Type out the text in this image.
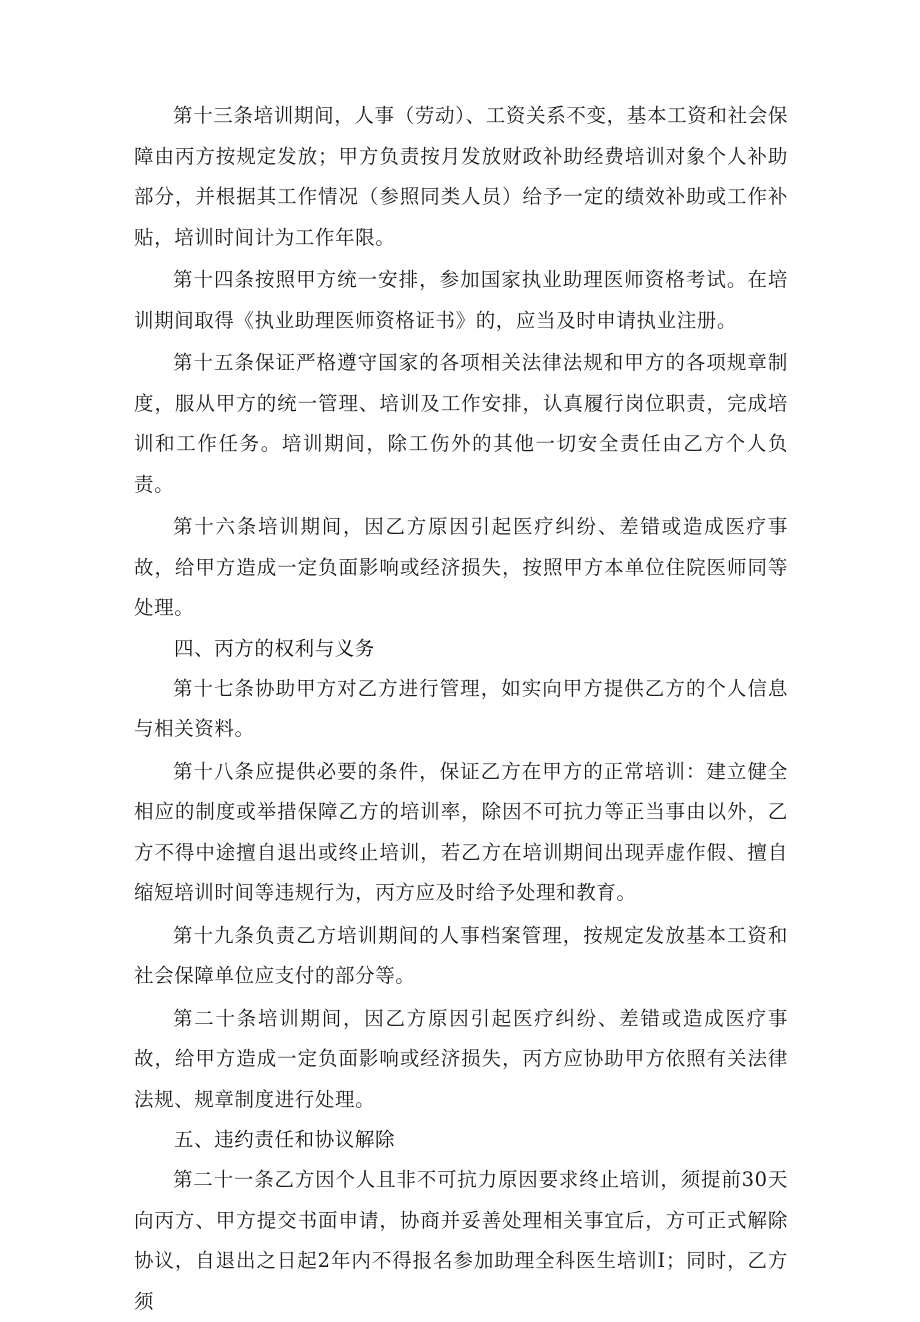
第十三条培训期间，人事（劳动）、工资关系不变，基本工资和社会保障由丙方按规定发放；甲方负责按月发放财政补助经费培训对象个人补助部分，并根据其工作情况（参照同类人员）给予一定的绩效补助或工作补贴，培训时间计为工作年限。

第十四条按照甲方统一安排，参加国家执业助理医师资格考试。在培训期间取得《执业助理医师资格证书》的，应当及时申请执业注册。

第十五条保证严格遵守国家的各项相关法律法规和甲方的各项规章制度，服从甲方的统一管理、培训及工作安排，认真履行岗位职责，完成培训和工作任务。培训期间，除工伤外的其他一切安全责任由乙方个人负责。

第十六条培训期间，因乙方原因引起医疗纠纷、差错或造成医疗事故，给甲方造成一定负面影响或经济损失，按照甲方本单位住院医师同等处理。

四、丙方的权利与义务

第十七条协助甲方对乙方进行管理，如实向甲方提供乙方的个人信息与相关资料。

第十八条应提供必要的条件，保证乙方在甲方的正常培训：建立健全相应的制度或举措保障乙方的培训率，除因不可抗力等正当事由以外，乙方不得中途擅自退出或终止培训，若乙方在培训期间出现弄虚作假、擅自缩短培训时间等违规行为，丙方应及时给予处理和教育。

第十九条负责乙方培训期间的人事档案管理，按规定发放基本工资和社会保障单位应支付的部分等。

第二十条培训期间，因乙方原因引起医疗纠纷、差错或造成医疗事故，给甲方造成一定负面影响或经济损失，丙方应协助甲方依照有关法律法规、规章制度进行处理。

五、违约责任和协议解除

第二十一条乙方因个人且非不可抗力原因要求终止培训，须提前30天向丙方、甲方提交书面申请，协商并妥善处理相关事宜后，方可正式解除协议，自退出之日起2年内不得报名参加助理全科医生培训I；同时，乙方须
